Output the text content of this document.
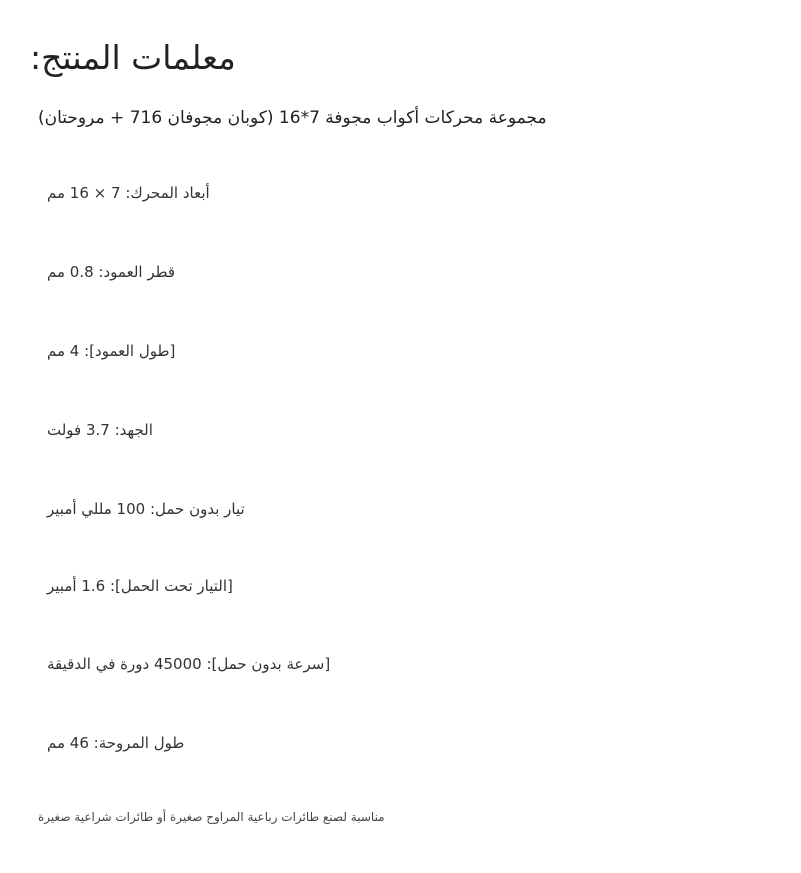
معلمات المنتج:
مجموعة محركات أكواب مجوفة 7*16 (كوبان مجوفان 716 + مروحتان)
أبعاد المحرك: 7 × 16 مم
قطر العمود: 0.8 مم
[طول العمود]: 4 مم
الجهد: 3.7 فولت
تيار بدون حمل: 100 مللي أمبير
[التيار تحت الحمل]: 1.6 أمبير
[سرعة بدون حمل]: 45000 دورة في الدقيقة
طول المروحة: 46 مم
مناسبة لصنع طائرات رباعية المراوح صغيرة أو طائرات شراعية صغيرة
